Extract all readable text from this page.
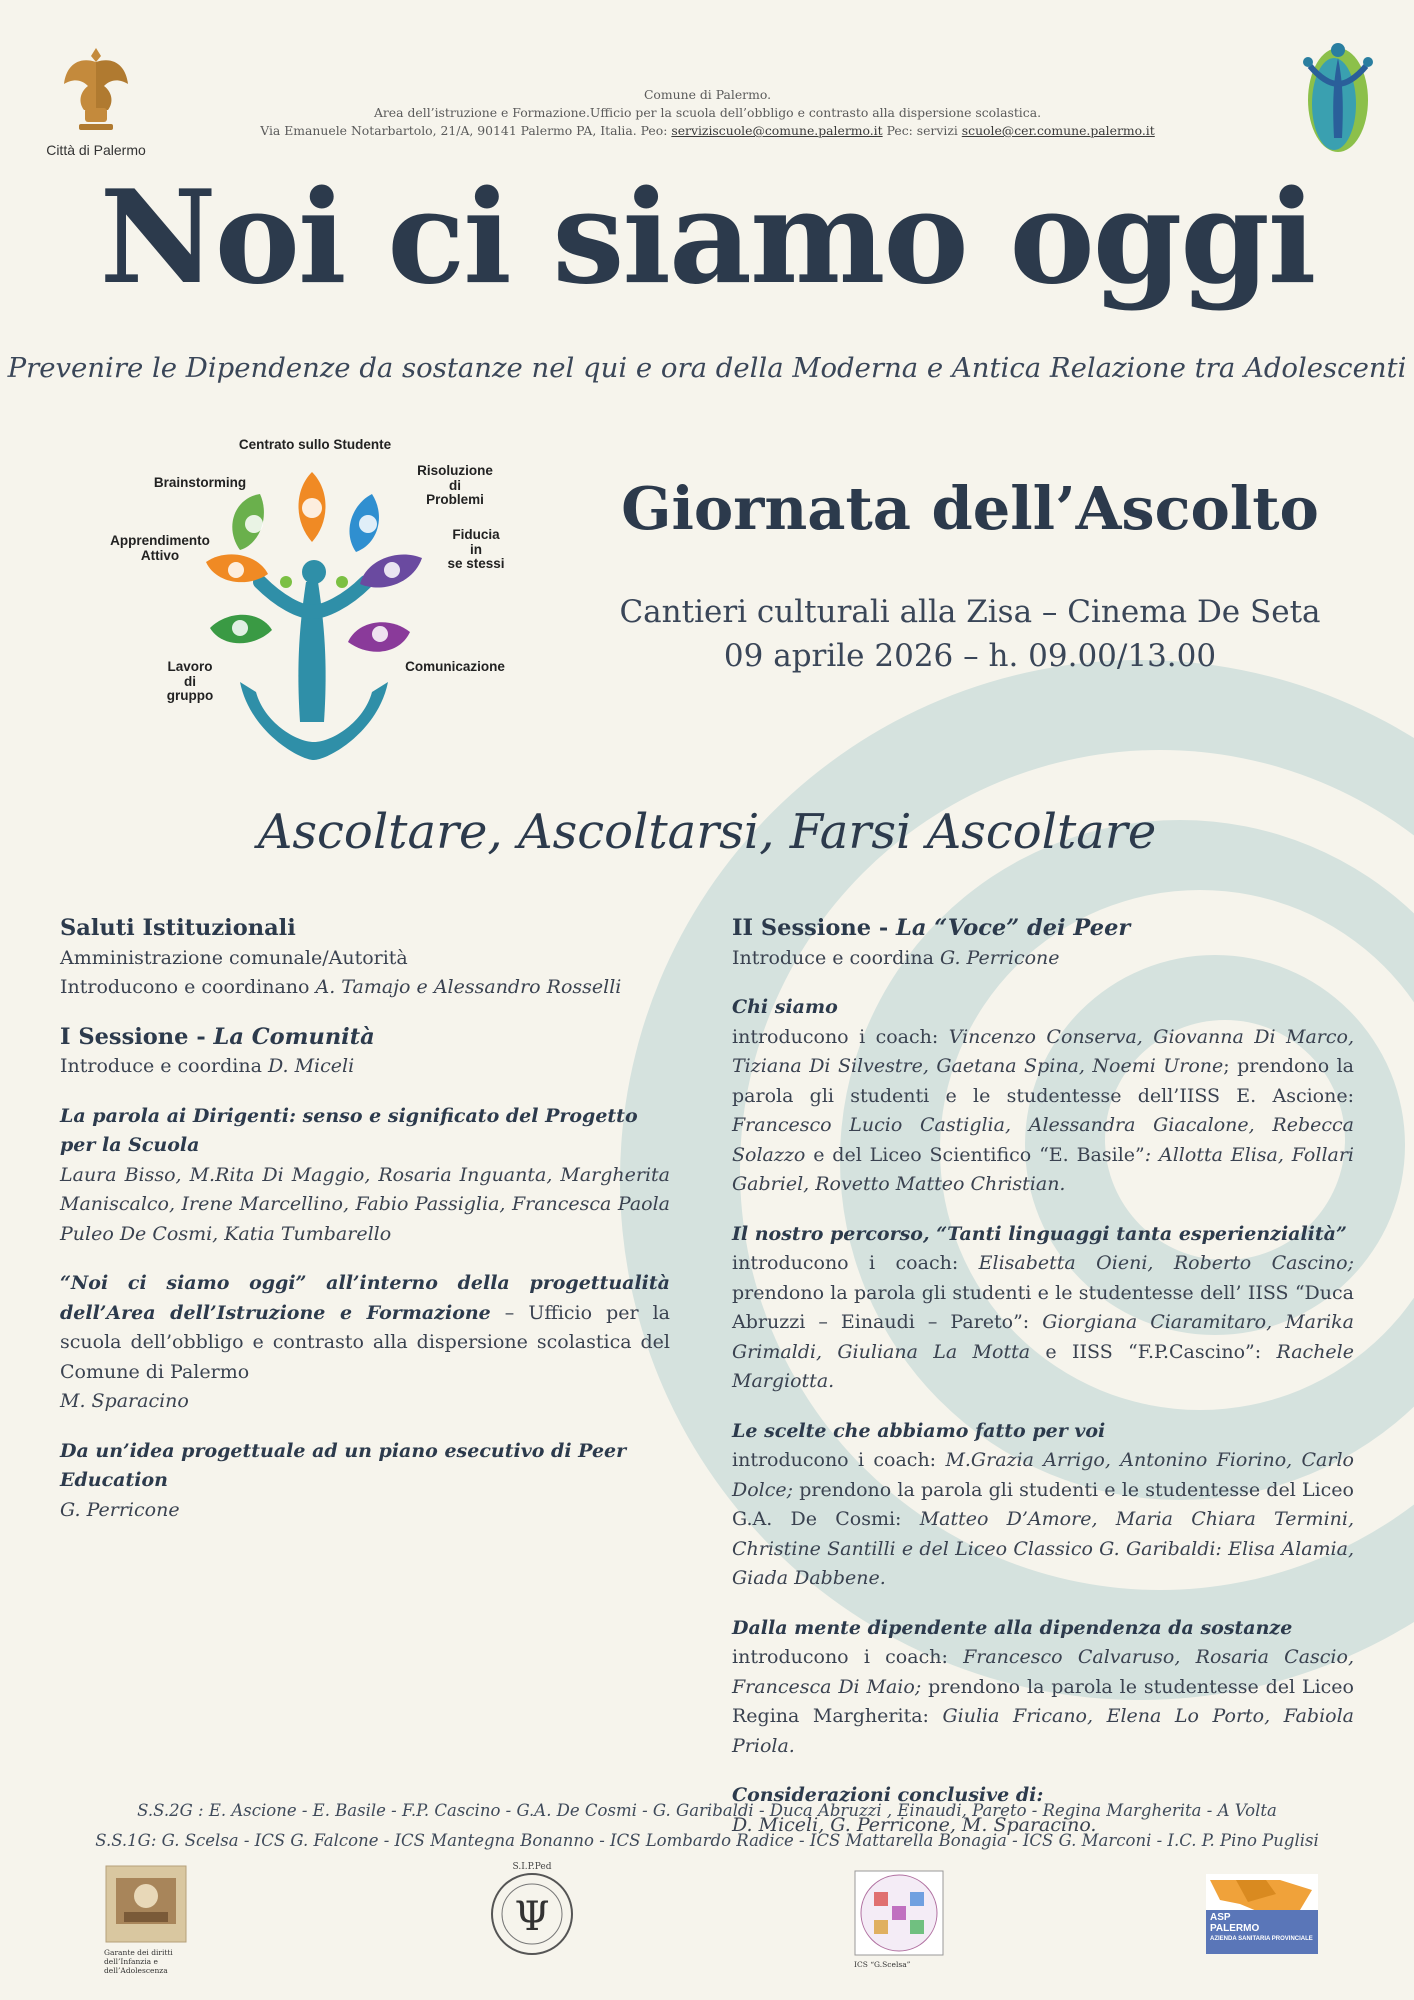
Città di Palermo
Comune di Palermo.
Area dell’istruzione e Formazione.Ufficio per la scuola dell’obbligo e contrasto alla dispersione scolastica.
Via Emanuele Notarbartolo, 21/A, 90141 Palermo PA, Italia. Peo: serviziscuole@comune.palermo.it Pec: servizi scuole@cer.comune.palermo.it
Noi ci siamo oggi
Prevenire le Dipendenze da sostanze nel qui e ora della Moderna e Antica Relazione tra Adolescenti
Centrato sullo Studente
Brainstorming
Risoluzione
di
Problemi
Apprendimento
Attivo
Fiducia
in
se stessi
Lavoro
di
gruppo
Comunicazione
Giornata dell’Ascolto
Cantieri culturali alla Zisa – Cinema De Seta
09 aprile 2026 – h. 09.00/13.00
Ascoltare, Ascoltarsi, Farsi Ascoltare

Saluti Istituzionali

Amministrazione comunale/Autorità

Introducono e coordinano A. Tamajo e Alessandro Rosselli

I Sessione - La Comunità

Introduce e coordina D. Miceli

La parola ai Dirigenti: senso e significato del Progetto per la Scuola

Laura Bisso, M.Rita Di Maggio, Rosaria Inguanta, Margherita Maniscalco, Irene Marcellino, Fabio Passiglia, Francesca Paola Puleo De Cosmi, Katia Tumbarello

“Noi ci siamo oggi” all’interno della progettualità dell’Area dell’Istruzione e Formazione – Ufficio per la scuola dell’obbligo e contrasto alla dispersione scolastica del Comune di Palermo

M. Sparacino

Da un’idea progettuale ad un piano esecutivo di Peer Education

G. Perricone

II Sessione - La “Voce” dei Peer

Introduce e coordina G. Perricone

Chi siamo

introducono i coach: Vincenzo Conserva, Giovanna Di Marco, Tiziana Di Silvestre, Gaetana Spina, Noemi Urone; prendono la parola gli studenti e le studentesse dell’IISS E. Ascione: Francesco Lucio Castiglia, Alessandra Giacalone, Rebecca Solazzo e del Liceo Scientifico “E. Basile”: Allotta Elisa, Follari Gabriel, Rovetto Matteo Christian.

Il nostro percorso, “Tanti linguaggi tanta esperienzialità”

introducono i coach: Elisabetta Oieni, Roberto Cascino; prendono la parola gli studenti e le studentesse dell’ IISS “Duca Abruzzi – Einaudi – Pareto”: Giorgiana Ciaramitaro, Marika Grimaldi, Giuliana La Motta e IISS “F.P.Cascino”: Rachele Margiotta.

Le scelte che abbiamo fatto per voi

introducono i coach: M.Grazia Arrigo, Antonino Fiorino, Carlo Dolce; prendono la parola gli studenti e le studentesse del Liceo G.A. De Cosmi: Matteo D’Amore, Maria Chiara Termini, Christine Santilli e del Liceo Classico G. Garibaldi: Elisa Alamia, Giada Dabbene.

Dalla mente dipendente alla dipendenza da sostanze

introducono i coach: Francesco Calvaruso, Rosaria Cascio, Francesca Di Maio; prendono la parola le studentesse del Liceo Regina Margherita: Giulia Fricano, Elena Lo Porto, Fabiola Priola.

Considerazioni conclusive di:

D. Miceli, G. Perricone, M. Sparacino.

S.S.2G : E. Ascione - E. Basile - F.P. Cascino - G.A. De Cosmi - G. Garibaldi - Duca Abruzzi , Einaudi, Pareto - Regina Margherita - A Volta
S.S.1G: G. Scelsa - ICS G. Falcone - ICS Mantegna Bonanno - ICS Lombardo Radice - ICS Mattarella Bonagia - ICS G. Marconi - I.C. P. Pino Puglisi
Garante dei diritti dell’Infanzia e dell’Adolescenza
Ψ
S.I.P.Ped
ICS “G.Scelsa”
ASP
PALERMO
AZIENDA SANITARIA PROVINCIALE
